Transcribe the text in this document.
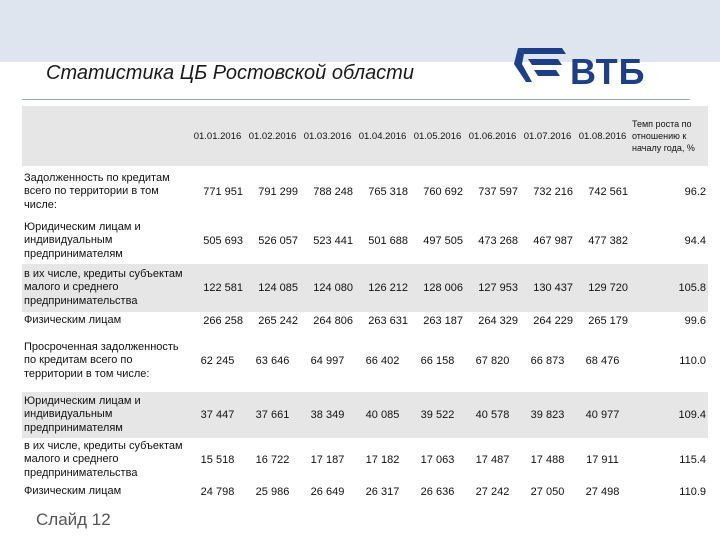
Статистика ЦБ Ростовской области	ВТБ
	01.01.2016	01.02.2016	01.03.2016	01.04.2016	01.05.2016	01.06.2016	01.07.2016	01.08.2016	Темп роста по отношению к началу года, %
Задолженность по кредитам всего по территории в том числе:	771 951	791 299	788 248	765 318	760 692	737 597	732 216	742 561	96.2
Юридическим лицам и индивидуальным предпринимателям	505 693	526 057	523 441	501 688	497 505	473 268	467 987	477 382	94.4
в их числе, кредиты субъектам малого и среднего предпринимательства	122 581	124 085	124 080	126 212	128 006	127 953	130 437	129 720	105.8
Физическим лицам	266 258	265 242	264 806	263 631	263 187	264 329	264 229	265 179	99.6
Просроченная задолженность по кредитам всего по территории в том числе:	62 245	63 646	64 997	66 402	66 158	67 820	66 873	68 476	110.0
Юридическим лицам и индивидуальным предпринимателям	37 447	37 661	38 349	40 085	39 522	40 578	39 823	40 977	109.4
в их числе, кредиты субъектам малого и среднего предпринимательства	15 518	16 722	17 187	17 182	17 063	17 487	17 488	17 911	115.4
Физическим лицам	24 798	25 986	26 649	26 317	26 636	27 242	27 050	27 498	110.9
Слайд 12
